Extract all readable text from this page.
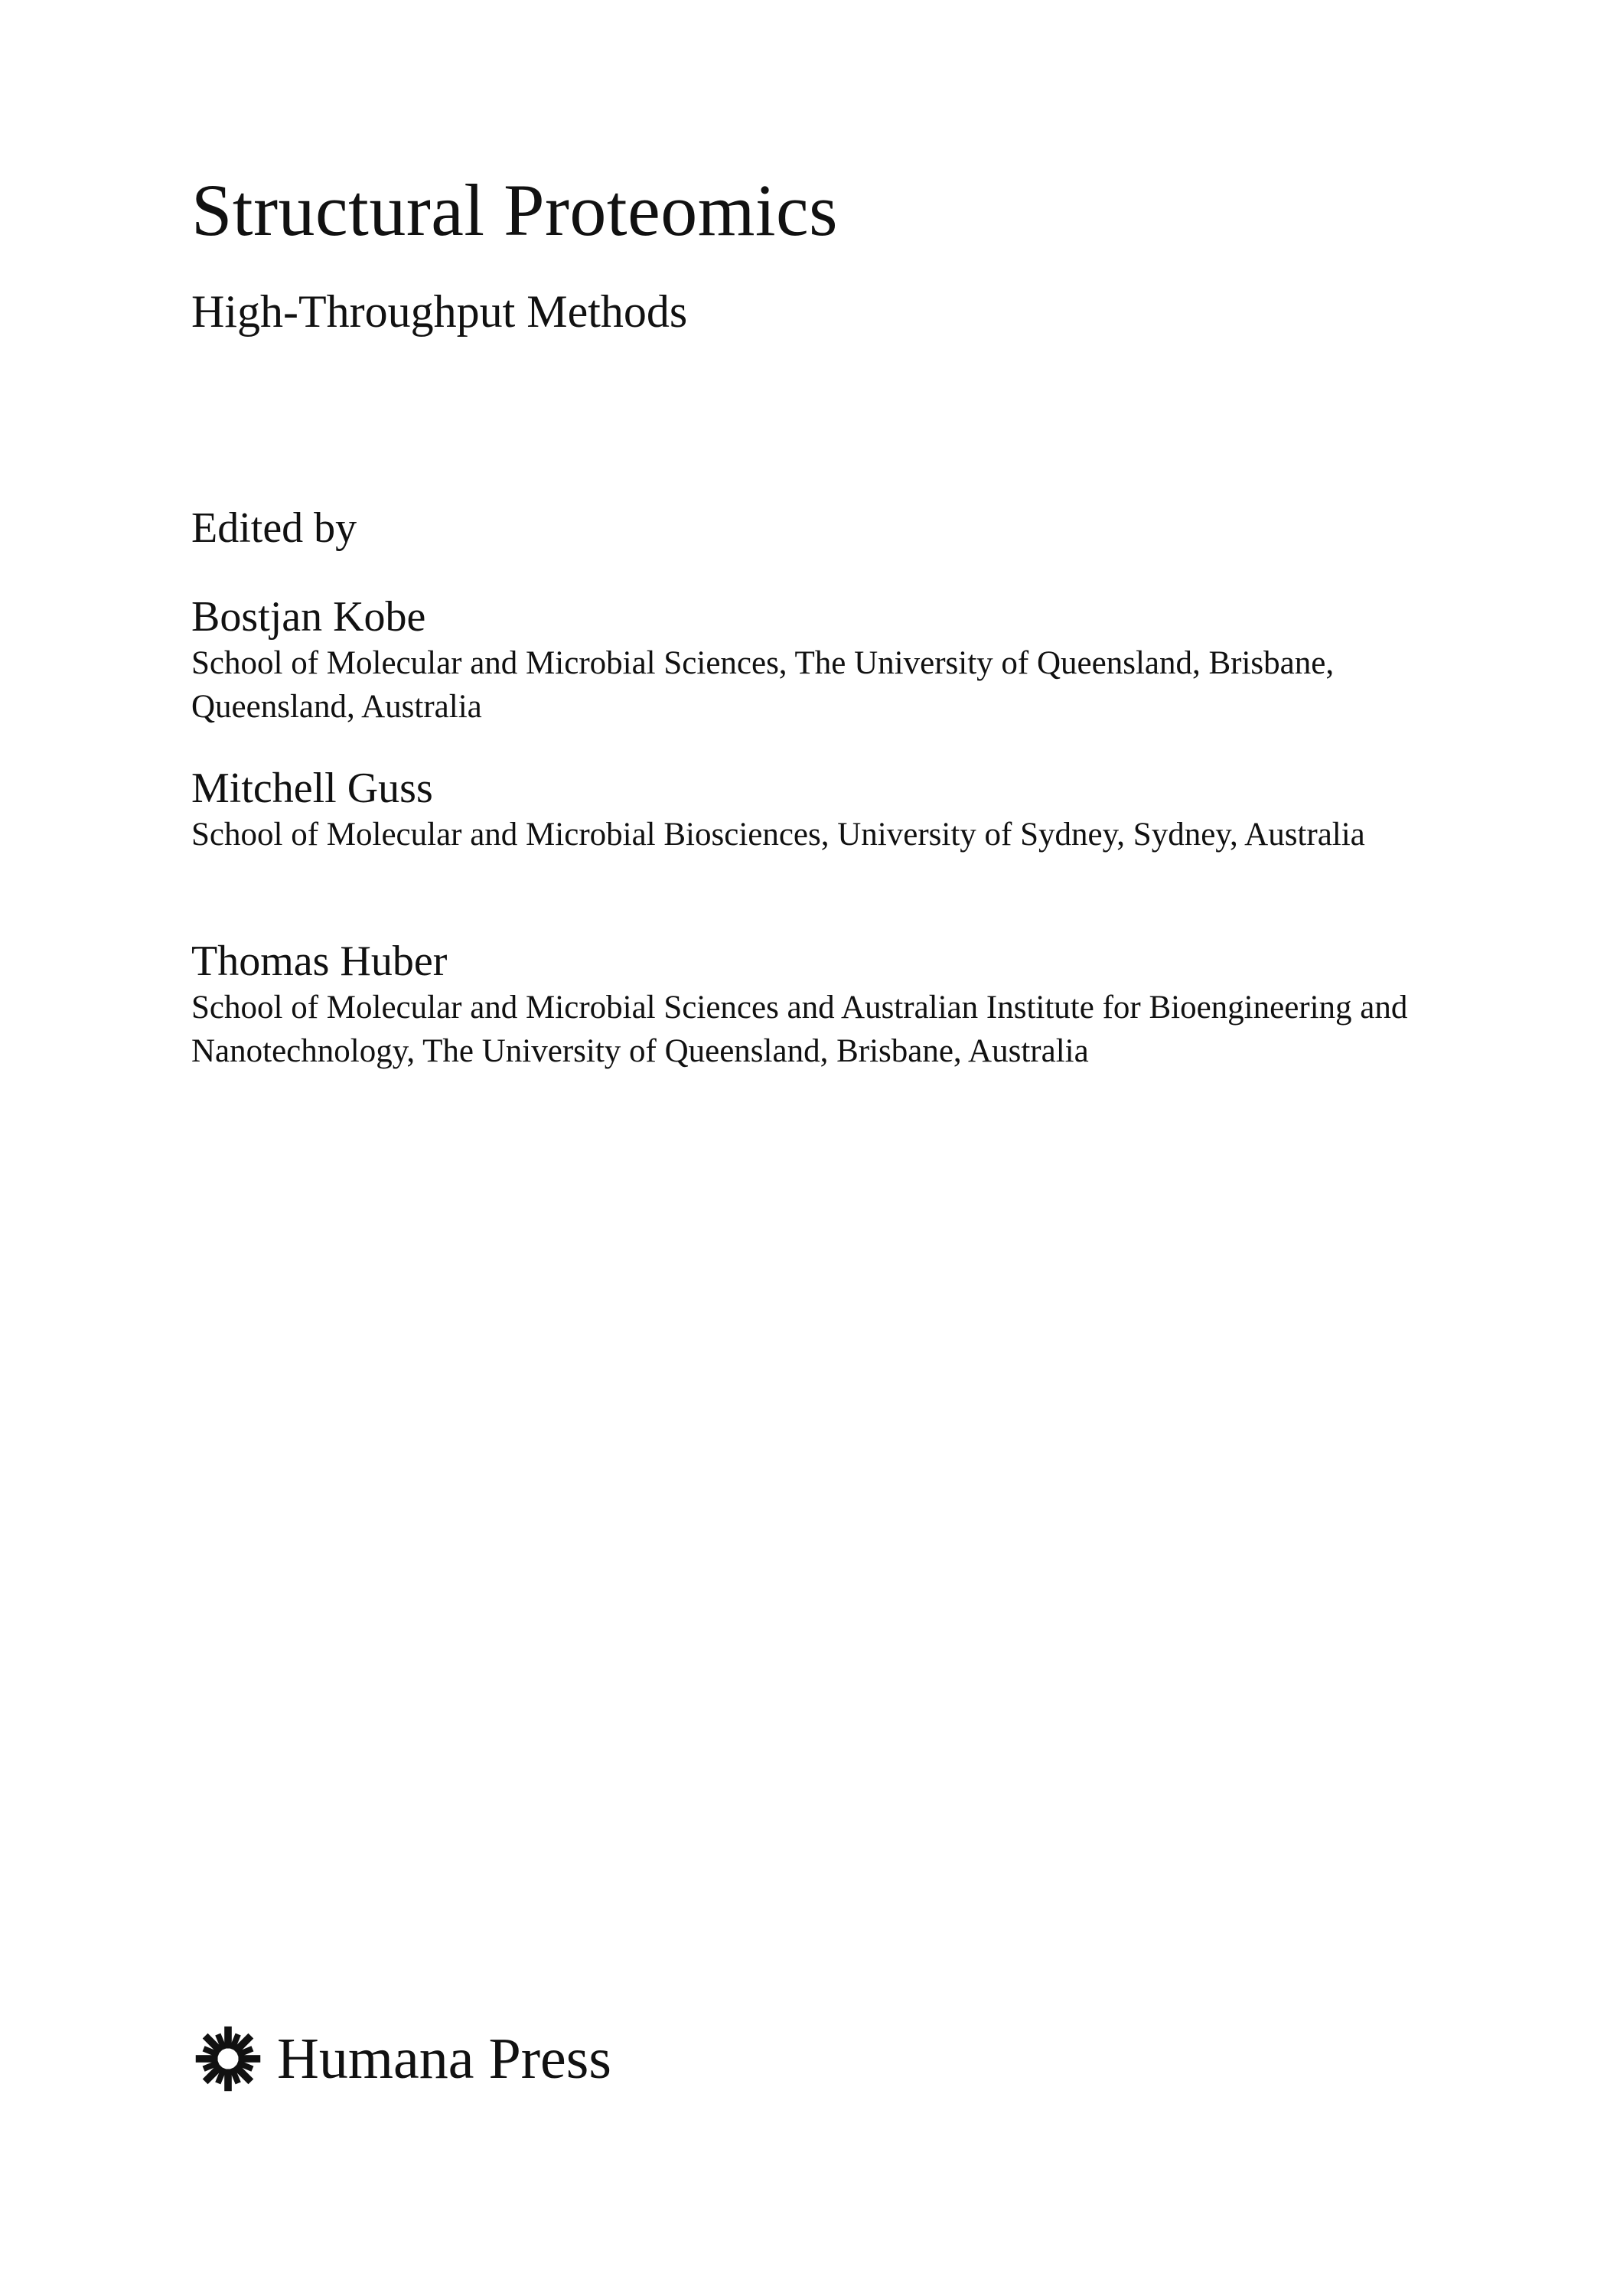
Structural Proteomics
High-Throughput Methods
Edited by
Bostjan Kobe
School of Molecular and Microbial Sciences, The University of Queensland, Brisbane, Queensland, Australia
Mitchell Guss
School of Molecular and Microbial Biosciences, University of Sydney, Sydney, Australia
Thomas Huber
School of Molecular and Microbial Sciences and Australian Institute for Bioengineering and Nanotechnology, The University of Queensland, Brisbane, Australia
Humana Press
